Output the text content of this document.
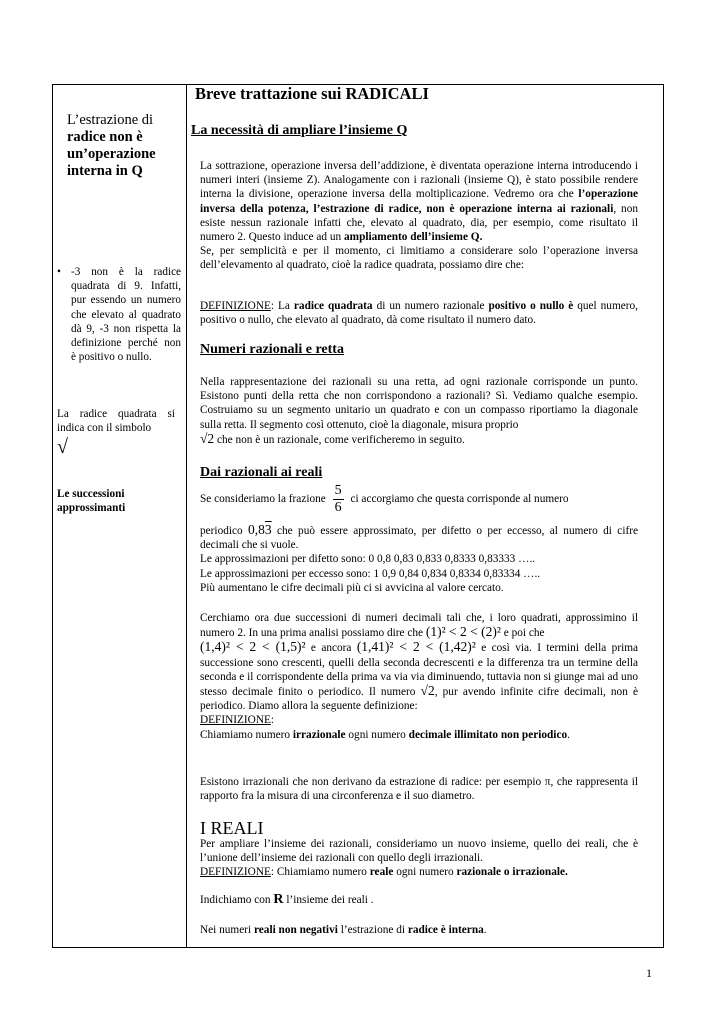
L’estrazione di
radice non è un’operazione interna in Q
• -3 non è la radice quadrata di 9. Infatti, pur essendo un numero che elevato al quadrato dà 9, -3 non rispetta la definizione perché non è positivo o nullo.
La radice quadrata si indica con il simbolo
√
Le successioni approssimanti
Breve trattazione sui RADICALI
La necessità di ampliare l’insieme Q
La sottrazione, operazione inversa dell’addizione, è diventata operazione interna introducendo i numeri interi (insieme Z). Analogamente con i razionali (insieme Q), è stato possibile rendere interna la divisione, operazione inversa della moltiplicazione. Vedremo ora che l’operazione inversa della potenza, l’estrazione di radice, non è operazione interna ai razionali, non esiste nessun razionale infatti che, elevato al quadrato, dia, per esempio, come risultato il numero 2. Questo induce ad un ampliamento dell’insieme Q.
Se, per semplicità e per il momento, ci limitiamo a considerare solo l’operazione inversa dell’elevamento al quadrato, cioè la radice quadrata, possiamo dire che:
DEFINIZIONE: La radice quadrata di un numero razionale positivo o nullo è quel numero, positivo o nullo, che elevato al quadrato, dà come risultato il numero dato.
Numeri razionali e retta
Nella rappresentazione dei razionali su una retta, ad ogni razionale corrisponde un punto. Esistono punti della retta che non corrispondono a razionali? Sì. Vediamo qualche esempio. Costruiamo su un segmento unitario un quadrato e con un compasso riportiamo la diagonale sulla retta. Il segmento così ottenuto, cioè la diagonale, misura proprio
√2 che non è un razionale, come verificheremo in seguito.
Dai razionali ai reali
Se consideriamo la frazione $\frac{5}{6}$ ci accorgiamo che questa corrisponde al numero
periodico 0,83 che può essere approssimato, per difetto o per eccesso, al numero di cifre decimali che si vuole.
Le approssimazioni per difetto sono: 0 0,8 0,83 0,833 0,8333 0,83333 …..
Le approssimazioni per eccesso sono: 1 0,9 0,84 0,834 0,8334 0,83334 …..
Più aumentano le cifre decimali più ci si avvicina al valore cercato.
Cerchiamo ora due successioni di numeri decimali tali che, i loro quadrati, approssimino il numero 2. In una prima analisi possiamo dire che (1)² < 2 < (2)² e poi che
(1,4)² < 2 < (1,5)² e ancora (1,41)² < 2 < (1,42)² e così via. I termini della prima successione sono crescenti, quelli della seconda decrescenti e la differenza tra un termine della seconda e il corrispondente della prima va via via diminuendo, tuttavia non si giunge mai ad uno stesso decimale finito o periodico. Il numero √2, pur avendo infinite cifre decimali, non è periodico. Diamo allora la seguente definizione:
DEFINIZIONE:
Chiamiamo numero irrazionale ogni numero decimale illimitato non periodico.
Esistono irrazionali che non derivano da estrazione di radice: per esempio π, che rappresenta il rapporto fra la misura di una circonferenza e il suo diametro.
I REALI
Per ampliare l’insieme dei razionali, consideriamo un nuovo insieme, quello dei reali, che è l’unione dell’insieme dei razionali con quello degli irrazionali.
DEFINIZIONE: Chiamiamo numero reale ogni numero razionale o irrazionale.
Indichiamo con R l’insieme dei reali .
Nei numeri reali non negativi l’estrazione di radice è interna.
1
